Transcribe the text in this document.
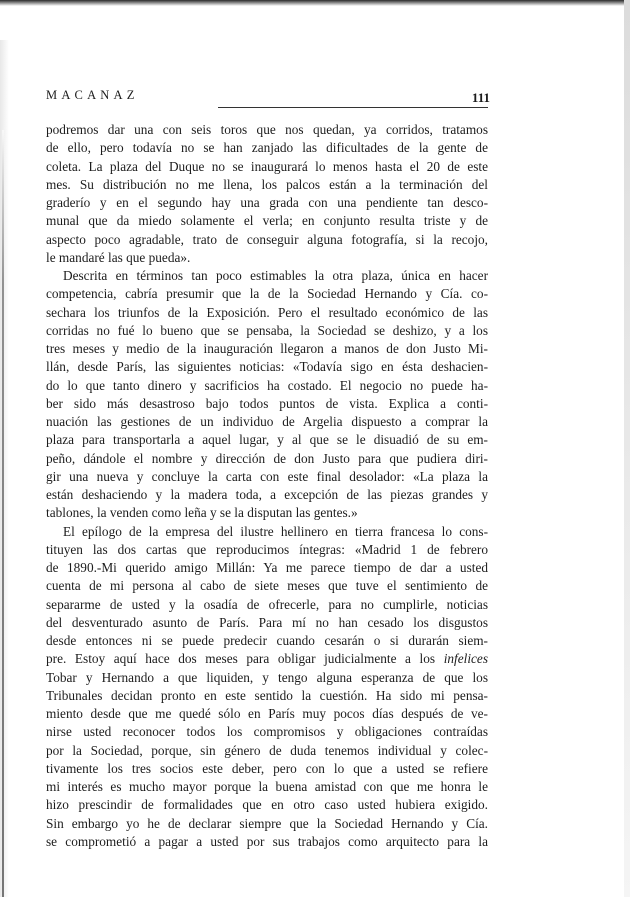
MACANAZ	111
podremos dar una con seis toros que nos quedan, ya corridos, tratamos
de ello, pero todavía no se han zanjado las dificultades de la gente de
coleta. La plaza del Duque no se inaugurará lo menos hasta el 20 de este
mes. Su distribución no me llena, los palcos están a la terminación del
graderío y en el segundo hay una grada con una pendiente tan desco-
munal que da miedo solamente el verla; en conjunto resulta triste y de
aspecto poco agradable, trato de conseguir alguna fotografía, si la recojo,
le mandaré las que pueda».
Descrita en términos tan poco estimables la otra plaza, única en hacer
competencia, cabría presumir que la de la Sociedad Hernando y Cía. co-
sechara los triunfos de la Exposición. Pero el resultado económico de las
corridas no fué lo bueno que se pensaba, la Sociedad se deshizo, y a los
tres meses y medio de la inauguración llegaron a manos de don Justo Mi-
llán, desde París, las siguientes noticias: «Todavía sigo en ésta deshacien-
do lo que tanto dinero y sacrificios ha costado. El negocio no puede ha-
ber sido más desastroso bajo todos puntos de vista. Explica a conti-
nuación las gestiones de un individuo de Argelia dispuesto a comprar la
plaza para transportarla a aquel lugar, y al que se le disuadió de su em-
peño, dándole el nombre y dirección de don Justo para que pudiera diri-
gir una nueva y concluye la carta con este final desolador: «La plaza la
están deshaciendo y la madera toda, a excepción de las piezas grandes y
tablones, la venden como leña y se la disputan las gentes.»
El epílogo de la empresa del ilustre hellinero en tierra francesa lo cons-
tituyen las dos cartas que reproducimos íntegras: «Madrid 1 de febrero
de 1890.-Mi querido amigo Millán: Ya me parece tiempo de dar a usted
cuenta de mi persona al cabo de siete meses que tuve el sentimiento de
separarme de usted y la osadía de ofrecerle, para no cumplirle, noticias
del desventurado asunto de París. Para mí no han cesado los disgustos
desde entonces ni se puede predecir cuando cesarán o si durarán siem-
pre. Estoy aquí hace dos meses para obligar judicialmente a los infelices
Tobar y Hernando a que liquiden, y tengo alguna esperanza de que los
Tribunales decidan pronto en este sentido la cuestión. Ha sido mi pensa-
miento desde que me quedé sólo en París muy pocos días después de ve-
nirse usted reconocer todos los compromisos y obligaciones contraídas
por la Sociedad, porque, sin género de duda tenemos individual y colec-
tivamente los tres socios este deber, pero con lo que a usted se refiere
mi interés es mucho mayor porque la buena amistad con que me honra le
hizo prescindir de formalidades que en otro caso usted hubiera exigido.
Sin embargo yo he de declarar siempre que la Sociedad Hernando y Cía.
se comprometió a pagar a usted por sus trabajos como arquitecto para la
